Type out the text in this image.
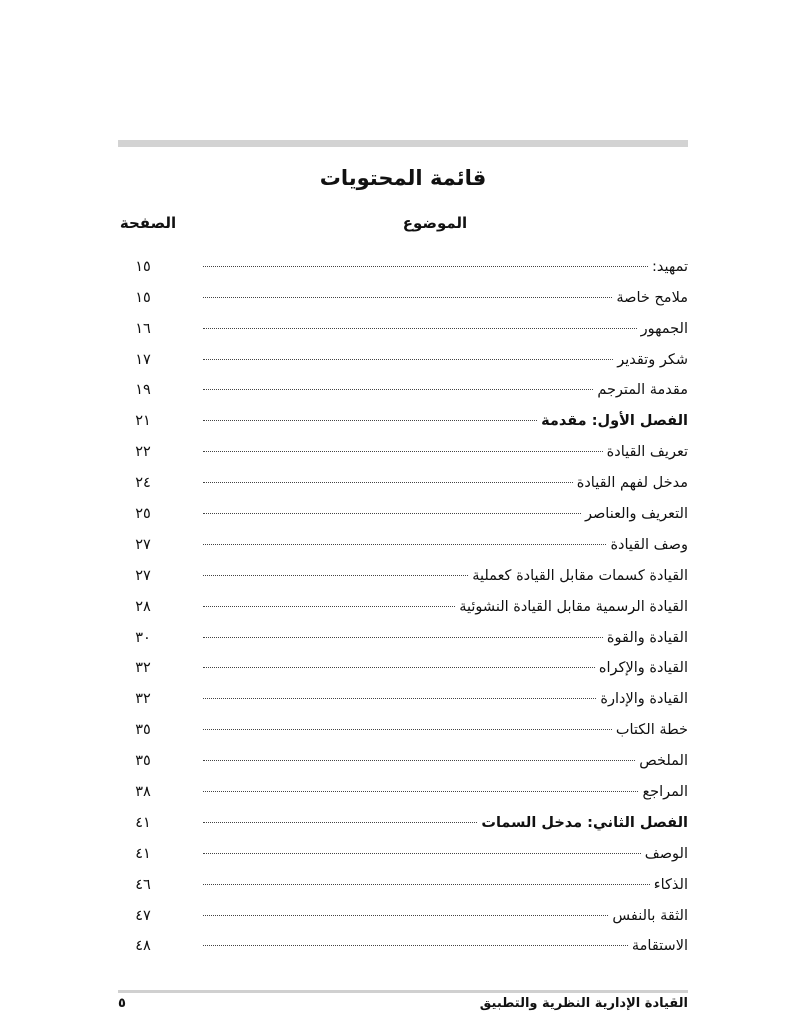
قائمة المحتويات
الموضوع
الصفحة
تمهيد:
١٥
ملامح خاصة
١٥
الجمهور
١٦
شكر وتقدير
١٧
مقدمة المترجم
١٩
الفصل الأول: مقدمة
٢١
تعريف القيادة
٢٢
مدخل لفهم القيادة
٢٤
التعريف والعناصر
٢٥
وصف القيادة
٢٧
القيادة كسمات مقابل القيادة كعملية
٢٧
القيادة الرسمية مقابل القيادة النشوئية
٢٨
القيادة والقوة
٣٠
القيادة والإكراه
٣٢
القيادة والإدارة
٣٢
خطة الكتاب
٣٥
الملخص
٣٥
المراجع
٣٨
الفصل الثاني: مدخل السمات
٤١
الوصف
٤١
الذكاء
٤٦
الثقة بالنفس
٤٧
الاستقامة
٤٨
القيادة الإدارية النظرية والتطبيق
٥
